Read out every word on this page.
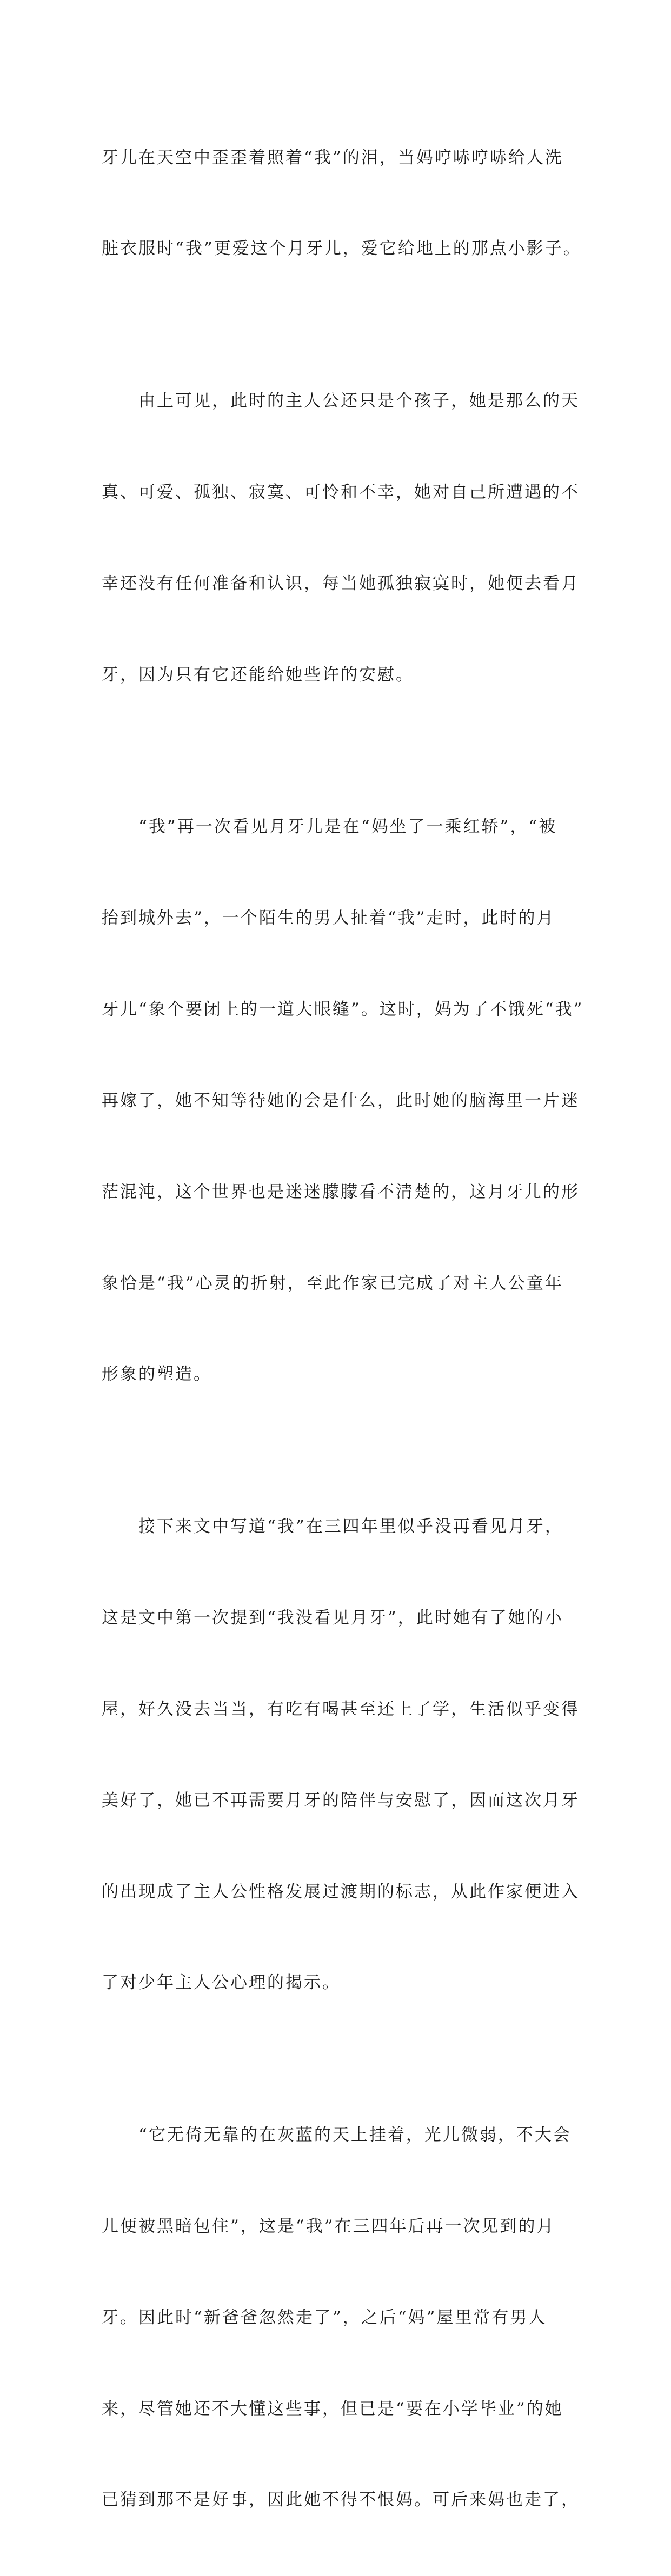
牙儿在天空中歪歪着照着“我”的泪，当妈哼哧哼哧给人洗

脏衣服时“我”更爱这个月牙儿，爱它给地上的那点小影子。

　　由上可见，此时的主人公还只是个孩子，她是那么的天

真、可爱、孤独、寂寞、可怜和不幸，她对自己所遭遇的不

幸还没有任何准备和认识，每当她孤独寂寞时，她便去看月

牙，因为只有它还能给她些许的安慰。

　　“我”再一次看见月牙儿是在“妈坐了一乘红轿”，“被

抬到城外去”，一个陌生的男人扯着“我”走时，此时的月

牙儿“象个要闭上的一道大眼缝”。这时，妈为了不饿死“我”

再嫁了，她不知等待她的会是什么，此时她的脑海里一片迷

茫混沌，这个世界也是迷迷朦朦看不清楚的，这月牙儿的形

象恰是“我”心灵的折射，至此作家已完成了对主人公童年

形象的塑造。

　　接下来文中写道“我”在三四年里似乎没再看见月牙，

这是文中第一次提到“我没看见月牙”，此时她有了她的小

屋，好久没去当当，有吃有喝甚至还上了学，生活似乎变得

美好了，她已不再需要月牙的陪伴与安慰了，因而这次月牙

的出现成了主人公性格发展过渡期的标志，从此作家便进入

了对少年主人公心理的揭示。

　　“它无倚无靠的在灰蓝的天上挂着，光儿微弱，不大会

儿便被黑暗包住”，这是“我”在三四年后再一次见到的月

牙。因此时“新爸爸忽然走了”，之后“妈”屋里常有男人

来，尽管她还不大懂这些事，但已是“要在小学毕业”的她

已猜到那不是好事，因此她不得不恨妈。可后来妈也走了，
